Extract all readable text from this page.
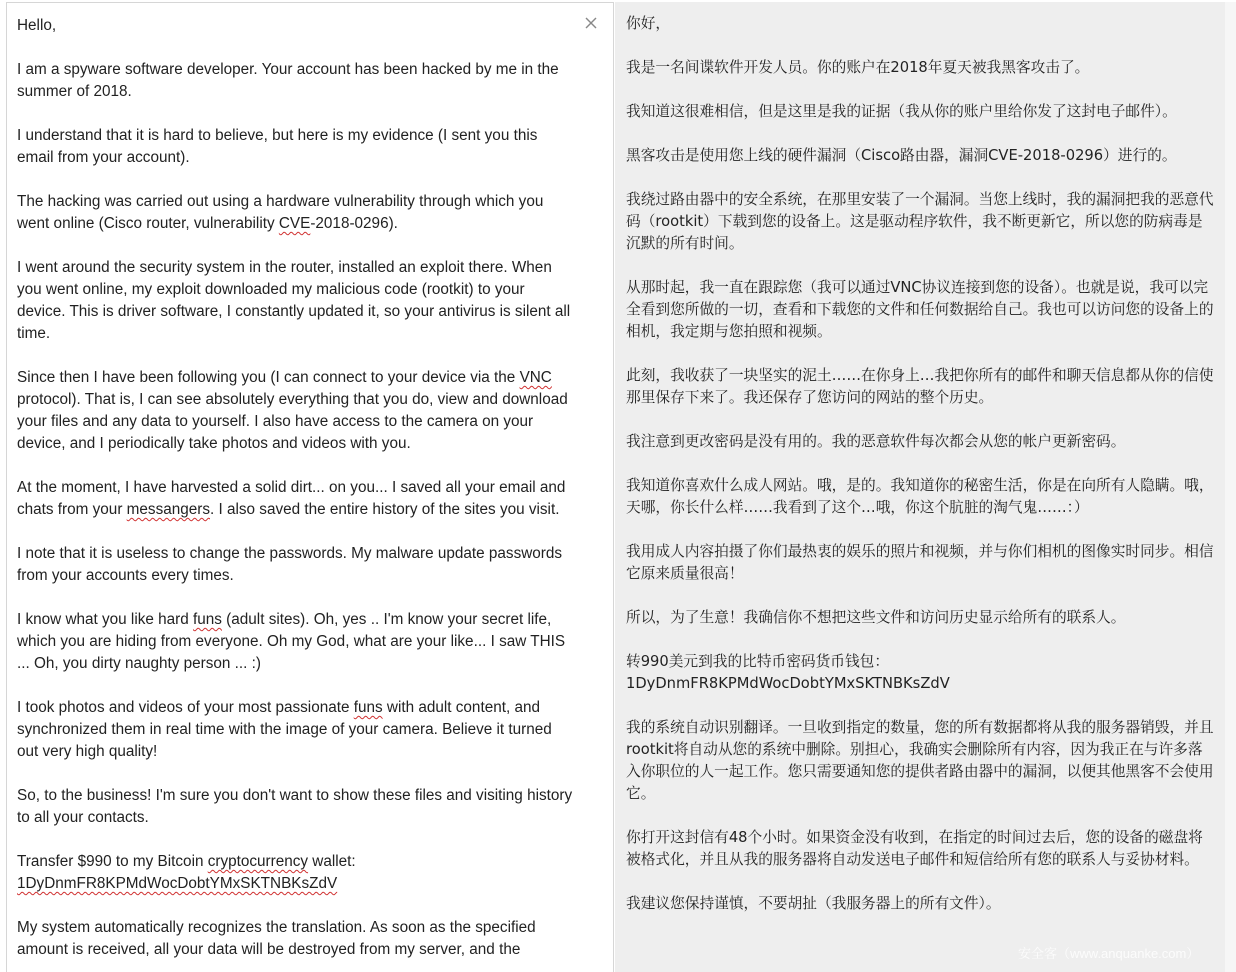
Hello,

I am a spyware software developer. Your account has been hacked by me in the summer of 2018.

I understand that it is hard to believe, but here is my evidence (I sent you this email from your account).

The hacking was carried out using a hardware vulnerability through which you went online (Cisco router, vulnerability CVE-2018-0296).

I went around the security system in the router, installed an exploit there. When you went online, my exploit downloaded my malicious code (rootkit) to your device. This is driver software, I constantly updated it, so your antivirus is silent all time.

Since then I have been following you (I can connect to your device via the VNC protocol). That is, I can see absolutely everything that you do, view and download your files and any data to yourself. I also have access to the camera on your device, and I periodically take photos and videos with you.

At the moment, I have harvested a solid dirt... on you... I saved all your email and chats from your messangers. I also saved the entire history of the sites you visit.

I note that it is useless to change the passwords. My malware update passwords from your accounts every times.

I know what you like hard funs (adult sites). Oh, yes .. I'm know your secret life, which you are hiding from everyone. Oh my God, what are your like... I saw THIS ... Oh, you dirty naughty person ... :)

I took photos and videos of your most passionate funs with adult content, and synchronized them in real time with the image of your camera. Believe it turned out very high quality!

So, to the business! I'm sure you don't want to show these files and visiting history to all your contacts.

Transfer $990 to my Bitcoin cryptocurrency wallet:
1DyDnmFR8KPMdWocDobtYMxSKTNBKsZdV

My system automatically recognizes the translation. As soon as the specified amount is received, all your data will be destroyed from my server, and the

你好，

我是一名间谍软件开发人员。你的账户在2018年夏天被我黑客攻击了。

我知道这很难相信，但是这里是我的证据（我从你的账户里给你发了这封电子邮件）。

黑客攻击是使用您上线的硬件漏洞（Cisco路由器，漏洞CVE-2018-0296）进行的。

我绕过路由器中的安全系统，在那里安装了一个漏洞。当您上线时，我的漏洞把我的恶意代码（rootkit）下载到您的设备上。这是驱动程序软件，我不断更新它，所以您的防病毒是沉默的所有时间。

从那时起，我一直在跟踪您（我可以通过VNC协议连接到您的设备）。也就是说，我可以完全看到您所做的一切，查看和下载您的文件和任何数据给自己。我也可以访问您的设备上的相机，我定期与您拍照和视频。

此刻，我收获了一块坚实的泥土……在你身上…我把你所有的邮件和聊天信息都从你的信使那里保存下来了。我还保存了您访问的网站的整个历史。

我注意到更改密码是没有用的。我的恶意软件每次都会从您的帐户更新密码。

我知道你喜欢什么成人网站。哦，是的。我知道你的秘密生活，你是在向所有人隐瞒。哦，天哪，你长什么样……我看到了这个…哦，你这个肮脏的淘气鬼……：）

我用成人内容拍摄了你们最热衷的娱乐的照片和视频，并与你们相机的图像实时同步。相信它原来质量很高！

所以，为了生意！我确信你不想把这些文件和访问历史显示给所有的联系人。

转990美元到我的比特币密码货币钱包：
1DyDnmFR8KPMdWocDobtYMxSKTNBKsZdV

我的系统自动识别翻译。一旦收到指定的数量，您的所有数据都将从我的服务器销毁，并且rootkit将自动从您的系统中删除。别担心，我确实会删除所有内容，因为我正在与许多落入你职位的人一起工作。您只需要通知您的提供者路由器中的漏洞，以便其他黑客不会使用它。

你打开这封信有48个小时。如果资金没有收到，在指定的时间过去后，您的设备的磁盘将被格式化，并且从我的服务器将自动发送电子邮件和短信给所有您的联系人与妥协材料。

我建议您保持谨慎，不要胡扯（我服务器上的所有文件）。

安全客（www.anquanke.com）
